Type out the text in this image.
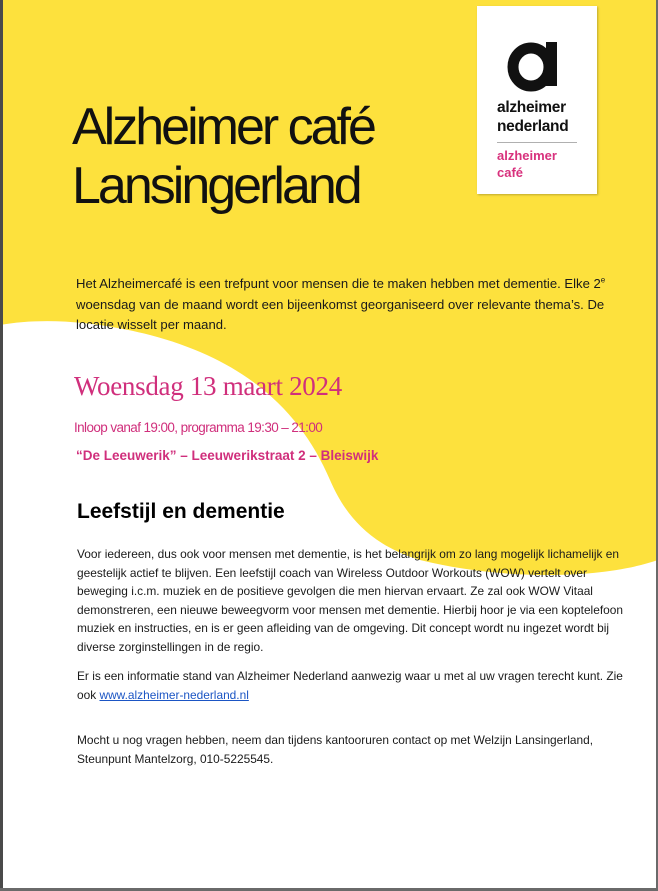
alzheimer
nederland
alzheimer
café
Alzheimer café
Lansingerland

Het Alzheimercafé is een trefpunt voor mensen die te maken hebben met dementie. Elke 2e woensdag van de maand wordt een bijeenkomst georganiseerd over relevante thema’s. De locatie wisselt per maand.

Woensdag 13 maart 2024
Inloop vanaf 19:00, programma 19:30 – 21:00
“De Leeuwerik” – Leeuwerikstraat 2 – Bleiswijk
Leefstijl en dementie

Voor iedereen, dus ook voor mensen met dementie, is het belangrijk om zo lang mogelijk lichamelijk en geestelijk actief te blijven. Een leefstijl coach van Wireless Outdoor Workouts (WOW) vertelt over beweging i.c.m. muziek en de positieve gevolgen die men hiervan ervaart. Ze zal ook WOW Vitaal demonstreren, een nieuwe beweegvorm voor mensen met dementie. Hierbij hoor je via een koptelefoon muziek en instructies, en is er geen afleiding van de omgeving. Dit concept wordt nu ingezet wordt bij diverse zorginstellingen in de regio.

Er is een informatie stand van Alzheimer Nederland aanwezig waar u met al uw vragen terecht kunt. Zie ook www.alzheimer-nederland.nl

Mocht u nog vragen hebben, neem dan tijdens kantooruren contact op met Welzijn Lansingerland, Steunpunt Mantelzorg, 010-5225545.
